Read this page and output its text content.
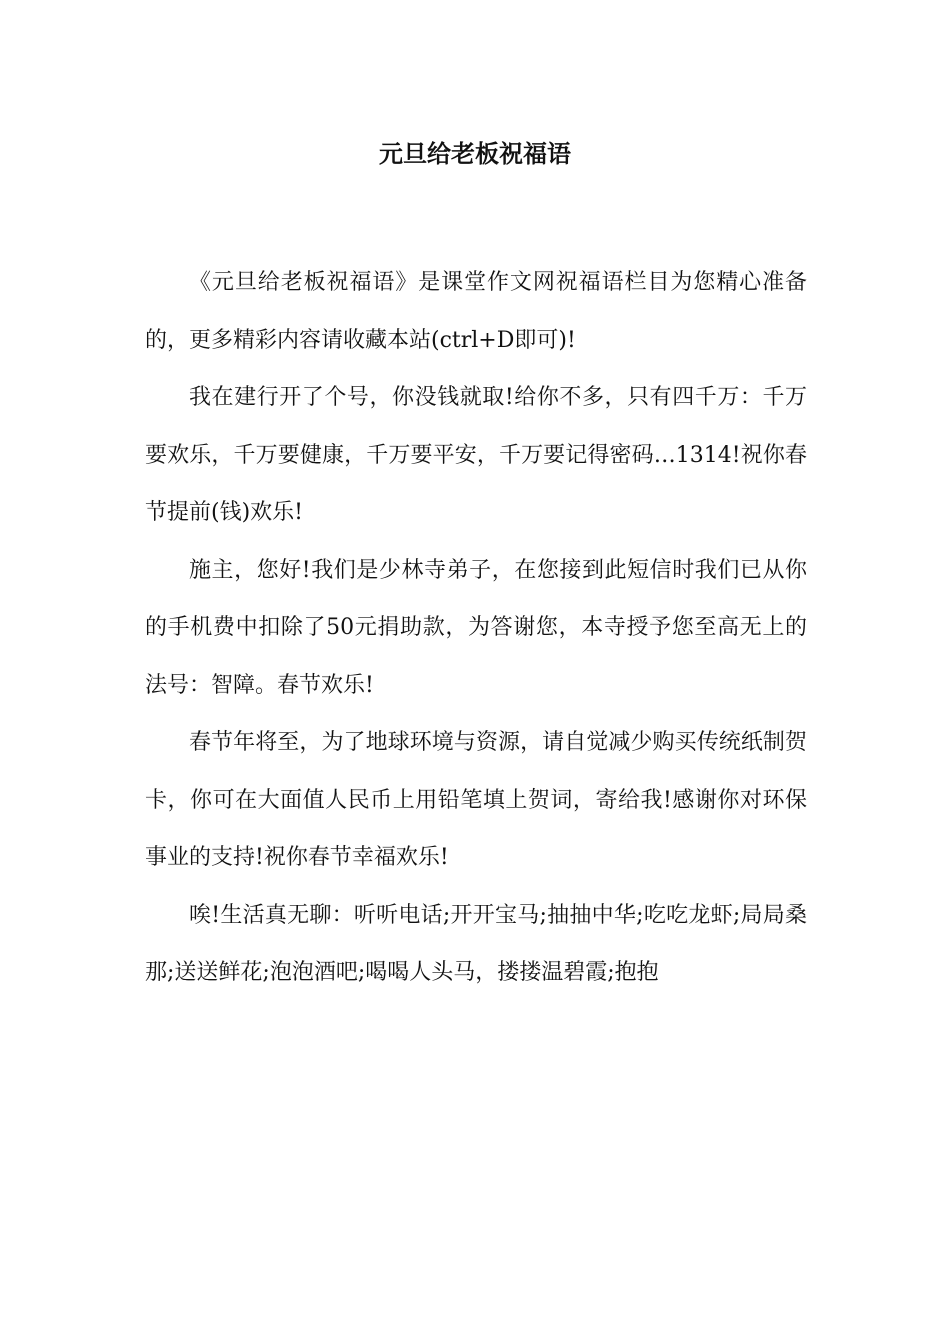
元旦给老板祝福语

《元旦给老板祝福语》是课堂作文网祝福语栏目为您精心准备的，更多精彩内容请收藏本站(ctrl+D即可)!

我在建行开了个号，你没钱就取!给你不多，只有四千万：千万要欢乐，千万要健康，千万要平安，千万要记得密码…1314!祝你春节提前(钱)欢乐!

施主，您好!我们是少林寺弟子，在您接到此短信时我们已从你的手机费中扣除了50元捐助款，为答谢您，本寺授予您至高无上的法号：智障。春节欢乐!

春节年将至，为了地球环境与资源，请自觉减少购买传统纸制贺卡，你可在大面值人民币上用铅笔填上贺词，寄给我!感谢你对环保事业的支持!祝你春节幸福欢乐!

唉!生活真无聊：听听电话;开开宝马;抽抽中华;吃吃龙虾;局局桑那;送送鲜花;泡泡酒吧;喝喝人头马，搂搂温碧霞;抱抱
